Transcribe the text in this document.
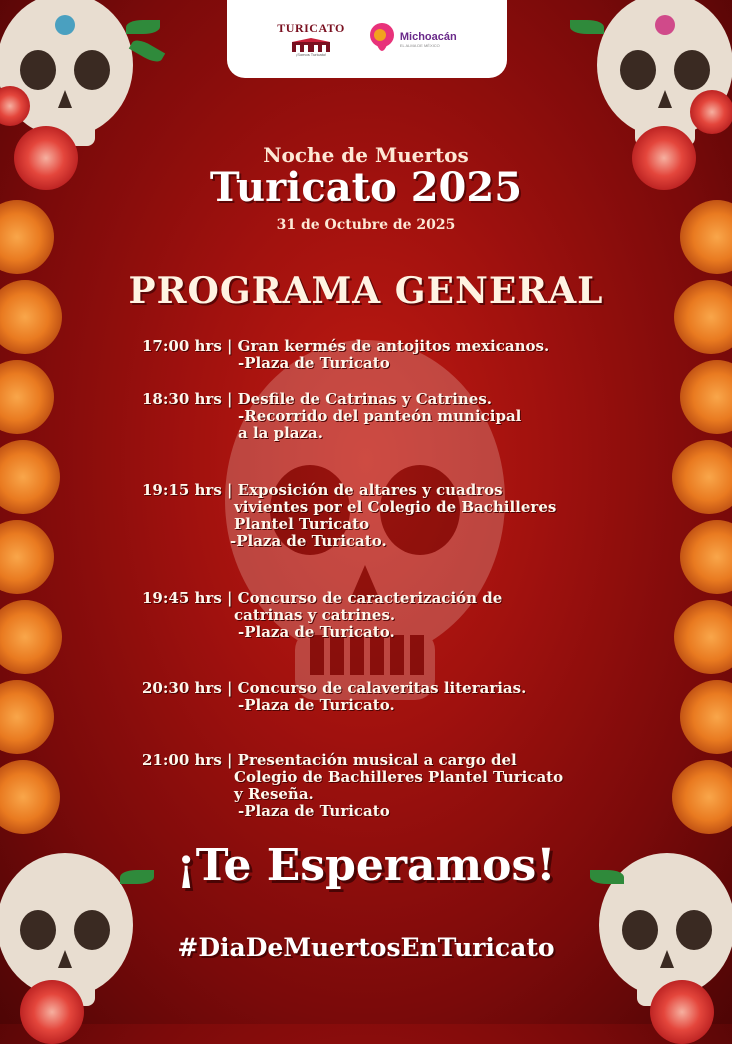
TURICATO
¡Somos Turicato!
Michoacán
EL ALMA DE MÉXICO
Noche de Muertos
Turicato 2025
31 de Octubre de 2025
PROGRAMA GENERAL
17:00 hrs | Gran kermés de antojitos mexicanos.
-Plaza de Turicato
18:30 hrs | Desfile de Catrinas y Catrines.
-Recorrido del panteón municipal
a la plaza.
19:15 hrs | Exposición de altares y cuadros
vivientes por el Colegio de Bachilleres
Plantel Turicato
-Plaza de Turicato.
19:45 hrs | Concurso de caracterización de
catrinas y catrines.
-Plaza de Turicato.
20:30 hrs | Concurso de calaveritas literarias.
-Plaza de Turicato.
21:00 hrs | Presentación musical a cargo del
Colegio de Bachilleres Plantel Turicato
y Reseña.
-Plaza de Turicato
¡Te Esperamos!
#DiaDeMuertosEnTuricato
